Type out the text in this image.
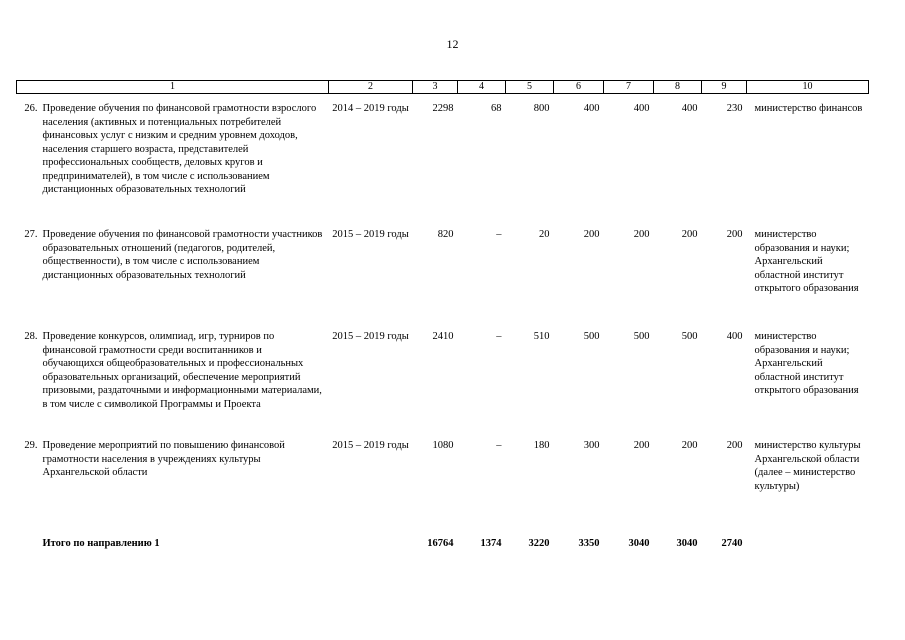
12
1	2	3	4	5	6	7	8	9	10

26. Проведение обучения по финансовой грамотности взрослого населения (активных и потенциальных потребителей финансовых услуг с низким и средним уровнем доходов, населения старшего возраста, представителей профессиональных сообществ, деловых кругов и предпринимателей), в том числе с использованием дистанционных образовательных технологий	2014 – 2019 годы	2298	68	800	400	400	400	230	министерство финансов
27. Проведение обучения по финансовой грамотности участников образовательных отношений (педагогов, родителей, общественности), в том числе с использованием дистанционных образовательных технологий	2015 – 2019 годы	820	–	20	200	200	200	200	министерство образования и науки; Архангельский областной институт открытого образования
28. Проведение конкурсов, олимпиад, игр, турниров по финансовой грамотности среди воспитанников и обучающихся общеобразовательных и профессиональных образовательных организаций, обеспечение мероприятий призовыми, раздаточными и информационными материалами, в том числе с символикой Программы и Проекта	2015 – 2019 годы	2410	–	510	500	500	500	400	министерство образования и науки; Архангельский областной институт открытого образования
29. Проведение мероприятий по повышению финансовой грамотности населения в учреждениях культуры Архангельской области	2015 – 2019 годы	1080	–	180	300	200	200	200	министерство культуры Архангельской области (далее – министерство культуры)
Итого по направлению 1		16764	1374	3220	3350	3040	3040	2740	
